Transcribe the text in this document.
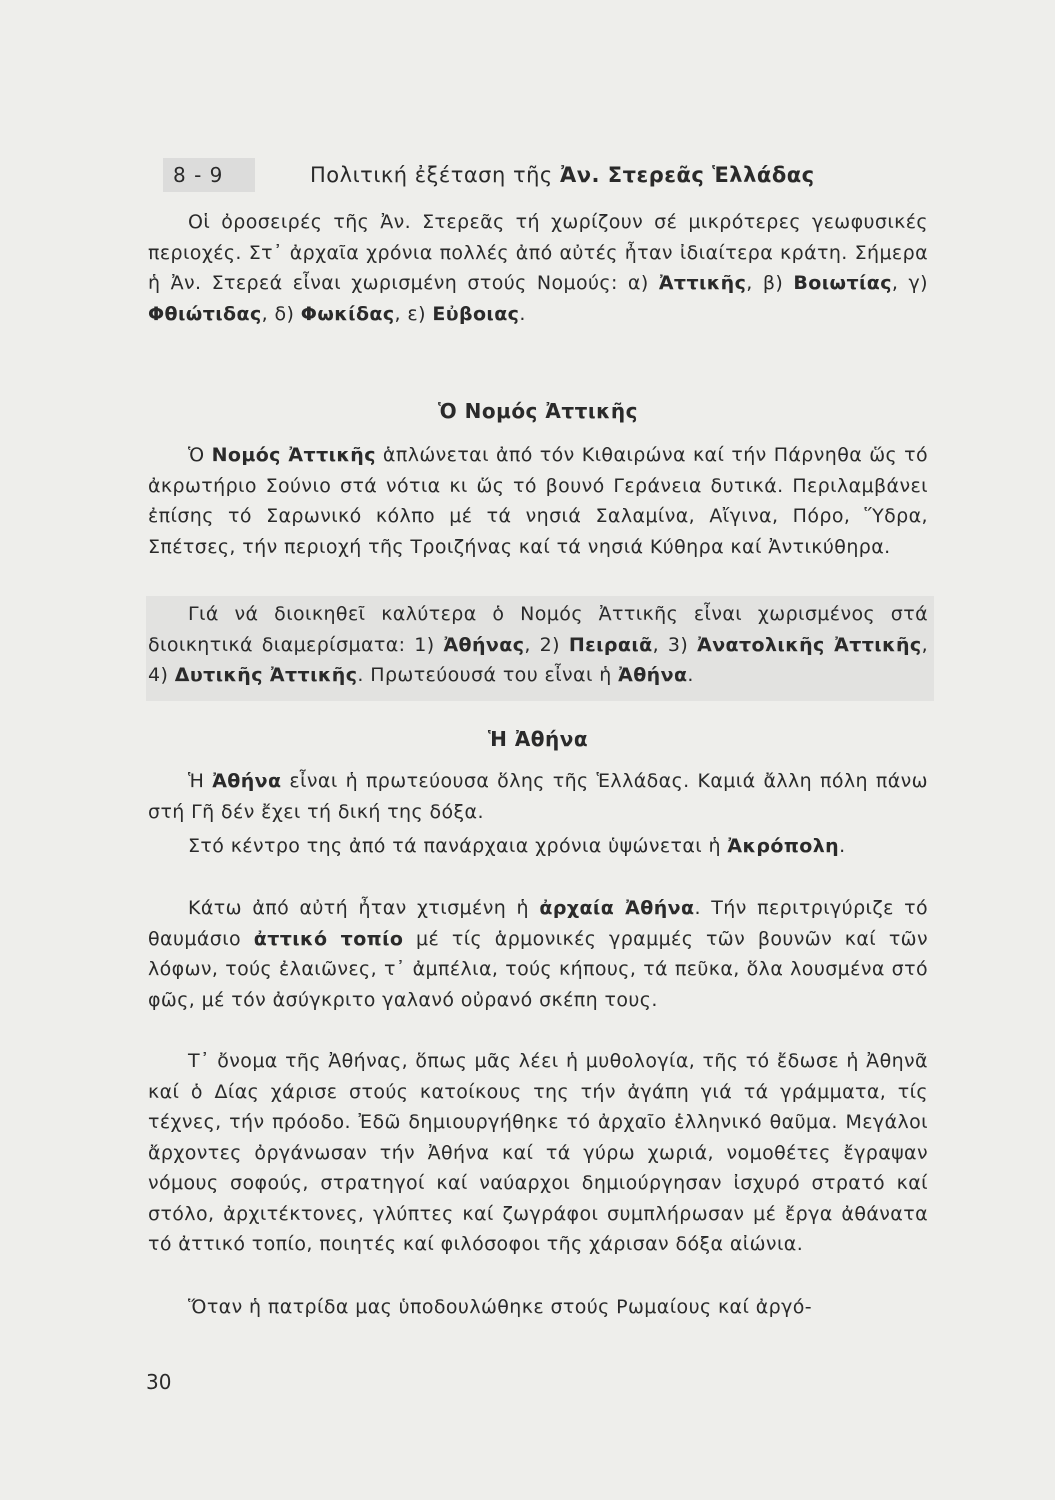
8 - 9	Πολιτική ἐξέταση τῆς Ἀν. Στερεᾶς Ἑλλάδας
Οἱ ὀροσειρές τῆς Ἀν. Στερεᾶς τή χωρίζουν σέ μικρότερες γεωφυσικές περιοχές. Στ᾿ ἀρχαῖα χρόνια πολλές ἀπό αὐτές ἦταν ἰδιαίτερα κράτη. Σήμερα ἡ Ἀν. Στερεά εἶναι χωρισμένη στούς Νομούς: α) Ἀττικῆς, β) Βοιωτίας, γ) Φθιώτιδας, δ) Φωκίδας, ε) Εὐβοιας.
Ὁ Νομός Ἀττικῆς
Ὁ Νομός Ἀττικῆς ἁπλώνεται ἀπό τόν Κιθαιρώνα καί τήν Πάρνηθα ὥς τό ἀκρωτήριο Σούνιο στά νότια κι ὥς τό βουνό Γεράνεια δυτικά. Περιλαμβάνει ἐπίσης τό Σαρωνικό κόλπο μέ τά νησιά Σαλαμίνα, Αἴγινα, Πόρο, Ὕδρα, Σπέτσες, τήν περιοχή τῆς Τροιζήνας καί τά νησιά Κύθηρα καί Ἀντικύθηρα.
Γιά νά διοικηθεῖ καλύτερα ὁ Νομός Ἀττικῆς εἶναι χωρισμένος στά διοικητικά διαμερίσματα: 1) Ἀθήνας, 2) Πειραιᾶ, 3) Ἀνατολικῆς Ἀττικῆς, 4) Δυτικῆς Ἀττικῆς. Πρωτεύουσά του εἶναι ἡ Ἀθήνα.
Ἡ Ἀθήνα
Ἡ Ἀθήνα εἶναι ἡ πρωτεύουσα ὅλης τῆς Ἑλλάδας. Καμιά ἄλλη πόλη πάνω στή Γῆ δέν ἔχει τή δική της δόξα.
Στό κέντρο της ἀπό τά πανάρχαια χρόνια ὑψώνεται ἡ Ἀκρόπολη.
Κάτω ἀπό αὐτή ἦταν χτισμένη ἡ ἀρχαία Ἀθήνα. Τήν περιτριγύριζε τό θαυμάσιο ἀττικό τοπίο μέ τίς ἁρμονικές γραμμές τῶν βουνῶν καί τῶν λόφων, τούς ἐλαιῶνες, τ᾿ ἀμπέλια, τούς κήπους, τά πεῦκα, ὅλα λουσμένα στό φῶς, μέ τόν ἀσύγκριτο γαλανό οὐρανό σκέπη τους.
Τ᾿ ὄνομα τῆς Ἀθήνας, ὅπως μᾶς λέει ἡ μυθολογία, τῆς τό ἔδωσε ἡ Ἀθηνᾶ καί ὁ Δίας χάρισε στούς κατοίκους της τήν ἀγάπη γιά τά γράμματα, τίς τέχνες, τήν πρόοδο. Ἐδῶ δημιουργήθηκε τό ἀρχαῖο ἑλληνικό θαῦμα. Μεγάλοι ἄρχοντες ὀργάνωσαν τήν Ἀθήνα καί τά γύρω χωριά, νομοθέτες ἔγραψαν νόμους σοφούς, στρατηγοί καί ναύαρχοι δημιούργησαν ἰσχυρό στρατό καί στόλο, ἀρχιτέκτονες, γλύπτες καί ζωγράφοι συμπλήρωσαν μέ ἔργα ἀθάνατα τό ἀττικό τοπίο, ποιητές καί φιλόσοφοι τῆς χάρισαν δόξα αἰώνια.
Ὅταν ἡ πατρίδα μας ὑποδουλώθηκε στούς Ρωμαίους καί ἀργό-
30
